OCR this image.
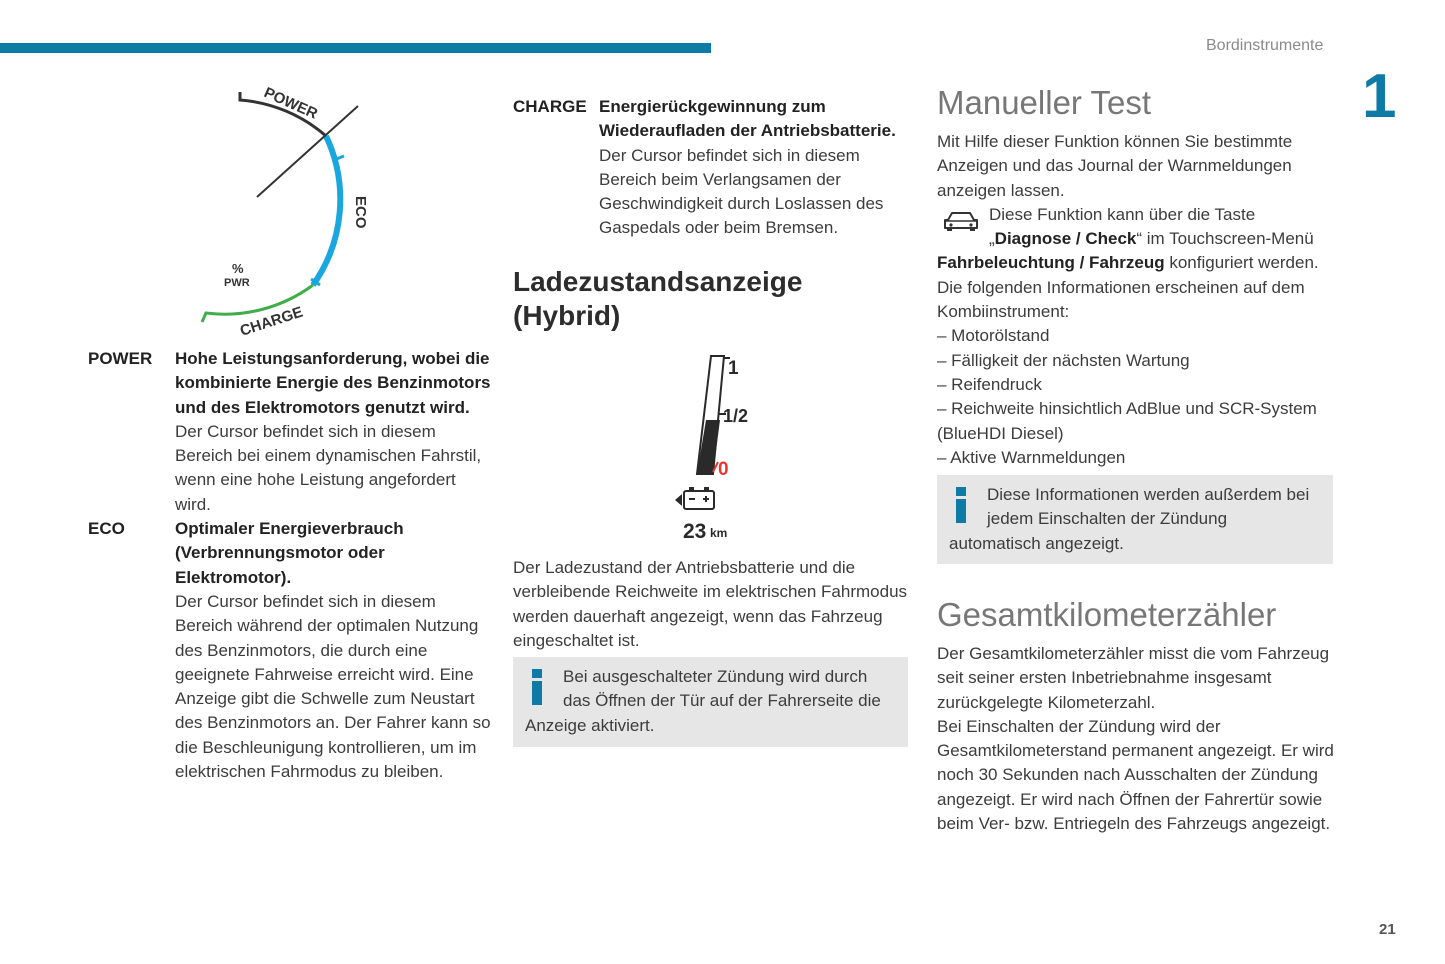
Bordinstrumente
1
21
POWER
ECO
%
PWR
CHARGE
POWER	Hohe Leistungsanforderung, wobei die kombinierte Energie des Benzinmotors und des Elektromotors genutzt wird.

Der Cursor befindet sich in diesem Bereich bei einem dynamischen Fahrstil, wenn eine hohe Leistung angefordert wird.

ECO	Optimaler Energieverbrauch (Verbrennungsmotor oder Elektromotor).

Der Cursor befindet sich in diesem Bereich während der optimalen Nutzung des Benzinmotors, die durch eine geeignete Fahrweise erreicht wird. Eine Anzeige gibt die Schwelle zum Neustart des Benzinmotors an. Der Fahrer kann so die Beschleunigung kontrollieren, um im elektrischen Fahrmodus zu bleiben.

CHARGE Energierückgewinnung zum Wiederaufladen der Antriebsbatterie.

Der Cursor befindet sich in diesem Bereich beim Verlangsamen der Geschwindigkeit durch Loslassen des Gaspedals oder beim Bremsen.

Ladezustandsanzeige
(Hybrid)
1
1/2
0
23 km

Der Ladezustand der Antriebsbatterie und die verbleibende Reichweite im elektrischen Fahrmodus werden dauerhaft angezeigt, wenn das Fahrzeug eingeschaltet ist.

Bei ausgeschalteter Zündung wird durch das Öffnen der Tür auf der Fahrerseite die Anzeige aktiviert.

Manueller Test

Mit Hilfe dieser Funktion können Sie bestimmte Anzeigen und das Journal der Warnmeldungen anzeigen lassen.

Diese Funktion kann über die Taste „Diagnose / Check“ im Touchscreen-Menü

Fahrbeleuchtung / Fahrzeug konfiguriert werden.

Die folgenden Informationen erscheinen auf dem Kombiinstrument:

– Motorölstand
– Fälligkeit der nächsten Wartung
– Reifendruck
– Reichweite hinsichtlich AdBlue und SCR-System (BlueHDI Diesel)
– Aktive Warnmeldungen

Diese Informationen werden außerdem bei jedem Einschalten der Zündung automatisch angezeigt.

Gesamtkilometerzähler

Der Gesamtkilometerzähler misst die vom Fahrzeug seit seiner ersten Inbetriebnahme insgesamt zurückgelegte Kilometerzahl.

Bei Einschalten der Zündung wird der Gesamtkilometerstand permanent angezeigt. Er wird noch 30 Sekunden nach Ausschalten der Zündung angezeigt. Er wird nach Öffnen der Fahrertür sowie beim Ver- bzw. Entriegeln des Fahrzeugs angezeigt.
